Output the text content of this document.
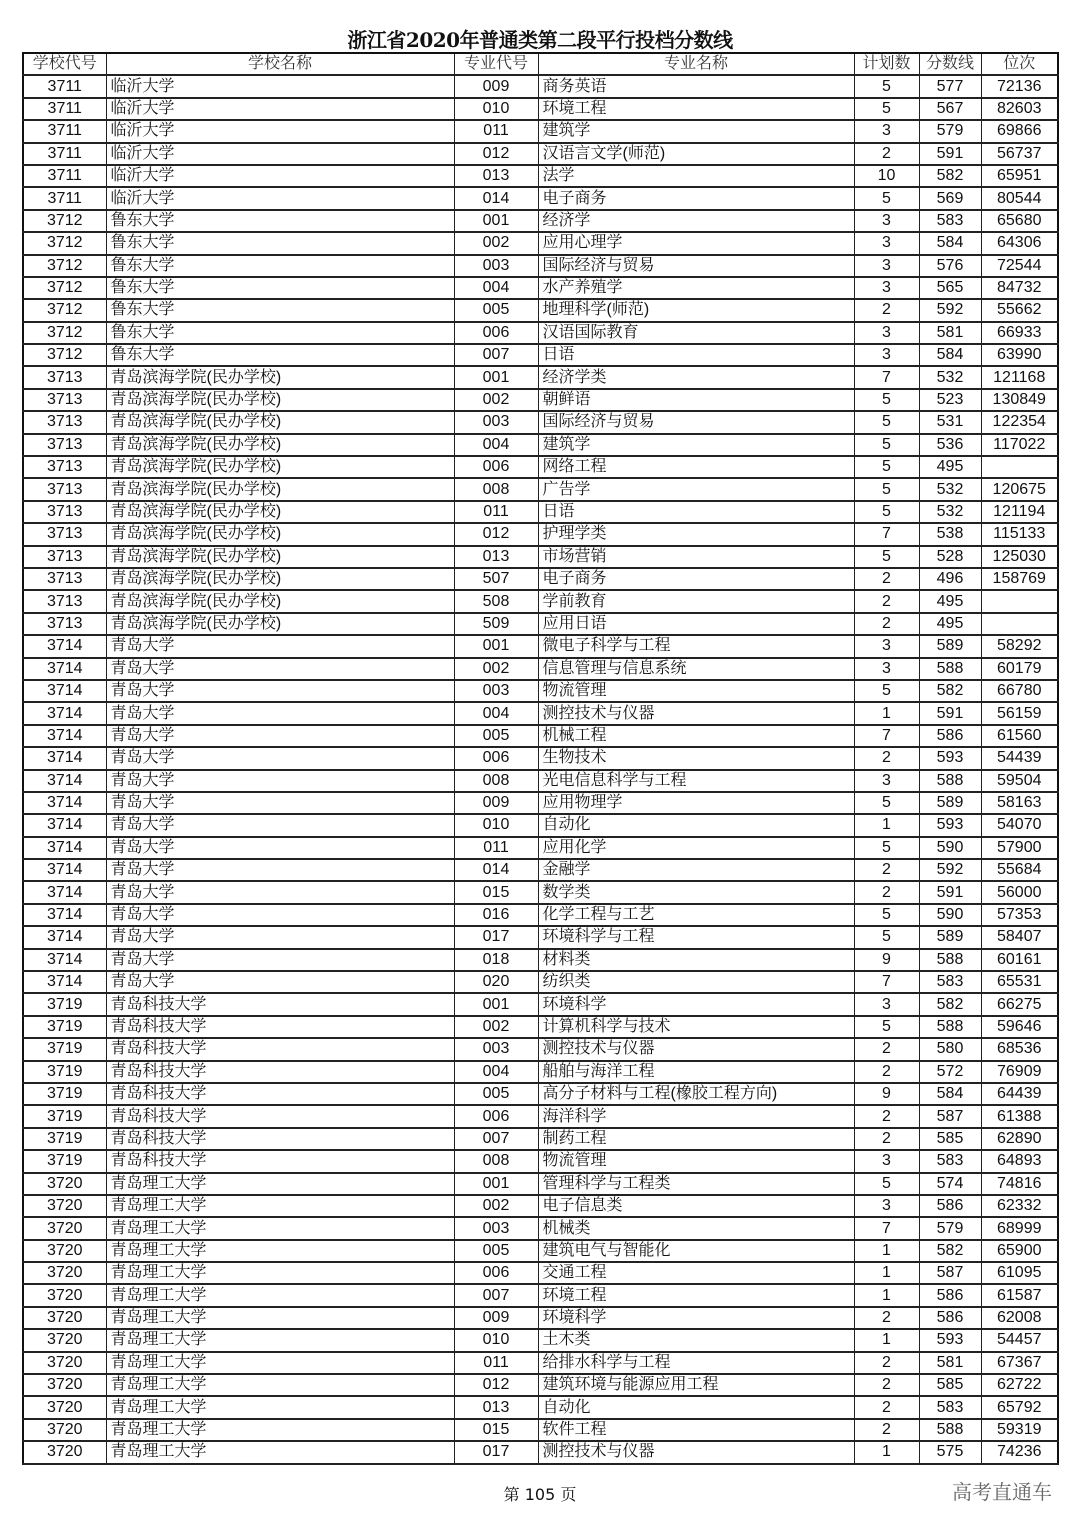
浙江省2020年普通类第二段平行投档分数线
学校代号	学校名称	专业代号	专业名称	计划数	分数线	位次
3711	临沂大学	009	商务英语	5	577	72136
3711	临沂大学	010	环境工程	5	567	82603
3711	临沂大学	011	建筑学	3	579	69866
3711	临沂大学	012	汉语言文学(师范)	2	591	56737
3711	临沂大学	013	法学	10	582	65951
3711	临沂大学	014	电子商务	5	569	80544
3712	鲁东大学	001	经济学	3	583	65680
3712	鲁东大学	002	应用心理学	3	584	64306
3712	鲁东大学	003	国际经济与贸易	3	576	72544
3712	鲁东大学	004	水产养殖学	3	565	84732
3712	鲁东大学	005	地理科学(师范)	2	592	55662
3712	鲁东大学	006	汉语国际教育	3	581	66933
3712	鲁东大学	007	日语	3	584	63990
3713	青岛滨海学院(民办学校)	001	经济学类	7	532	121168
3713	青岛滨海学院(民办学校)	002	朝鲜语	5	523	130849
3713	青岛滨海学院(民办学校)	003	国际经济与贸易	5	531	122354
3713	青岛滨海学院(民办学校)	004	建筑学	5	536	117022
3713	青岛滨海学院(民办学校)	006	网络工程	5	495	
3713	青岛滨海学院(民办学校)	008	广告学	5	532	120675
3713	青岛滨海学院(民办学校)	011	日语	5	532	121194
3713	青岛滨海学院(民办学校)	012	护理学类	7	538	115133
3713	青岛滨海学院(民办学校)	013	市场营销	5	528	125030
3713	青岛滨海学院(民办学校)	507	电子商务	2	496	158769
3713	青岛滨海学院(民办学校)	508	学前教育	2	495	
3713	青岛滨海学院(民办学校)	509	应用日语	2	495	
3714	青岛大学	001	微电子科学与工程	3	589	58292
3714	青岛大学	002	信息管理与信息系统	3	588	60179
3714	青岛大学	003	物流管理	5	582	66780
3714	青岛大学	004	测控技术与仪器	1	591	56159
3714	青岛大学	005	机械工程	7	586	61560
3714	青岛大学	006	生物技术	2	593	54439
3714	青岛大学	008	光电信息科学与工程	3	588	59504
3714	青岛大学	009	应用物理学	5	589	58163
3714	青岛大学	010	自动化	1	593	54070
3714	青岛大学	011	应用化学	5	590	57900
3714	青岛大学	014	金融学	2	592	55684
3714	青岛大学	015	数学类	2	591	56000
3714	青岛大学	016	化学工程与工艺	5	590	57353
3714	青岛大学	017	环境科学与工程	5	589	58407
3714	青岛大学	018	材料类	9	588	60161
3714	青岛大学	020	纺织类	7	583	65531
3719	青岛科技大学	001	环境科学	3	582	66275
3719	青岛科技大学	002	计算机科学与技术	5	588	59646
3719	青岛科技大学	003	测控技术与仪器	2	580	68536
3719	青岛科技大学	004	船舶与海洋工程	2	572	76909
3719	青岛科技大学	005	高分子材料与工程(橡胶工程方向)	9	584	64439
3719	青岛科技大学	006	海洋科学	2	587	61388
3719	青岛科技大学	007	制药工程	2	585	62890
3719	青岛科技大学	008	物流管理	3	583	64893
3720	青岛理工大学	001	管理科学与工程类	5	574	74816
3720	青岛理工大学	002	电子信息类	3	586	62332
3720	青岛理工大学	003	机械类	7	579	68999
3720	青岛理工大学	005	建筑电气与智能化	1	582	65900
3720	青岛理工大学	006	交通工程	1	587	61095
3720	青岛理工大学	007	环境工程	1	586	61587
3720	青岛理工大学	009	环境科学	2	586	62008
3720	青岛理工大学	010	土木类	1	593	54457
3720	青岛理工大学	011	给排水科学与工程	2	581	67367
3720	青岛理工大学	012	建筑环境与能源应用工程	2	585	62722
3720	青岛理工大学	013	自动化	2	583	65792
3720	青岛理工大学	015	软件工程	2	588	59319
3720	青岛理工大学	017	测控技术与仪器	1	575	74236
第 105 页	高考直通车
